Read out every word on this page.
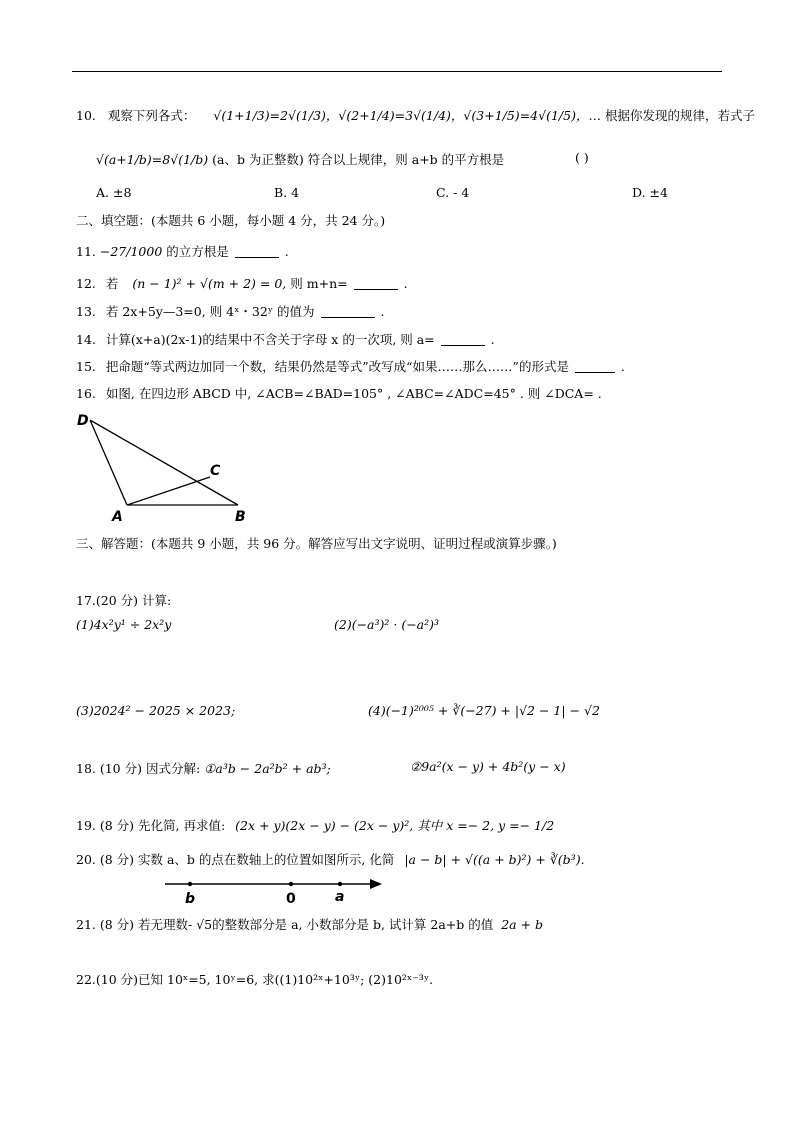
10. 观察下列各式： √(1+1/3)=2√(1/3)，√(2+1/4)=3√(1/4)，√(3+1/5)=4√(1/5)，… 根据你发现的规律，若式子
√(a+1/b)=8√(1/b) (a、b 为正整数) 符合以上规律，则 a+b 的平方根是	( )
A. ±8	B. 4	C. - 4	D. ±4
二、填空题：(本题共 6 小题，每小题 4 分，共 24 分。)
11. −27/1000 的立方根是	.
12. 若 (n − 1)² + √(m + 2) = 0, 则 m+n=	.
13. 若 2x+5y—3=0, 则 4ˣ・32ʸ 的值为	.
14. 计算(x+a)(2x-1)的结果中不含关于字母 x 的一次项, 则 a=	.
15. 把命题“等式两边加同一个数，结果仍然是等式”改写成“如果……那么……”的形式是	.
16. 如图, 在四边形 ABCD 中, ∠ACB=∠BAD=105° , ∠ABC=∠ADC=45° . 则 ∠DCA= .
D
C
A	B
三、解答题：(本题共 9 小题，共 96 分。解答应写出文字说明、证明过程或演算步骤。)
17.(20 分) 计算:
(1)4x²y¹ ÷ 2x²y	(2)(−a³)² · (−a²)³
(3)2024² − 2025 × 2023;	(4)(−1)²⁰⁰⁵ + ∛(−27) + |√2 − 1| − √2
18. (10 分) 因式分解: ①a³b − 2a²b² + ab³;	②9a²(x − y) + 4b²(y − x)
19. (8 分) 先化简, 再求值: (2x + y)(2x − y) − (2x − y)², 其中 x =− 2, y =− 1/2
20. (8 分) 实数 a、b 的点在数轴上的位置如图所示, 化简 |a − b| + √((a + b)²) + ∛(b³).
b	0	a
21. (8 分) 若无理数- √5的整数部分是 a, 小数部分是 b, 试计算 2a+b 的值 2a + b
22.(10 分)已知 10ˣ=5, 10ʸ=6, 求((1)10²ˣ+10³ʸ; (2)10²ˣ⁻³ʸ.
